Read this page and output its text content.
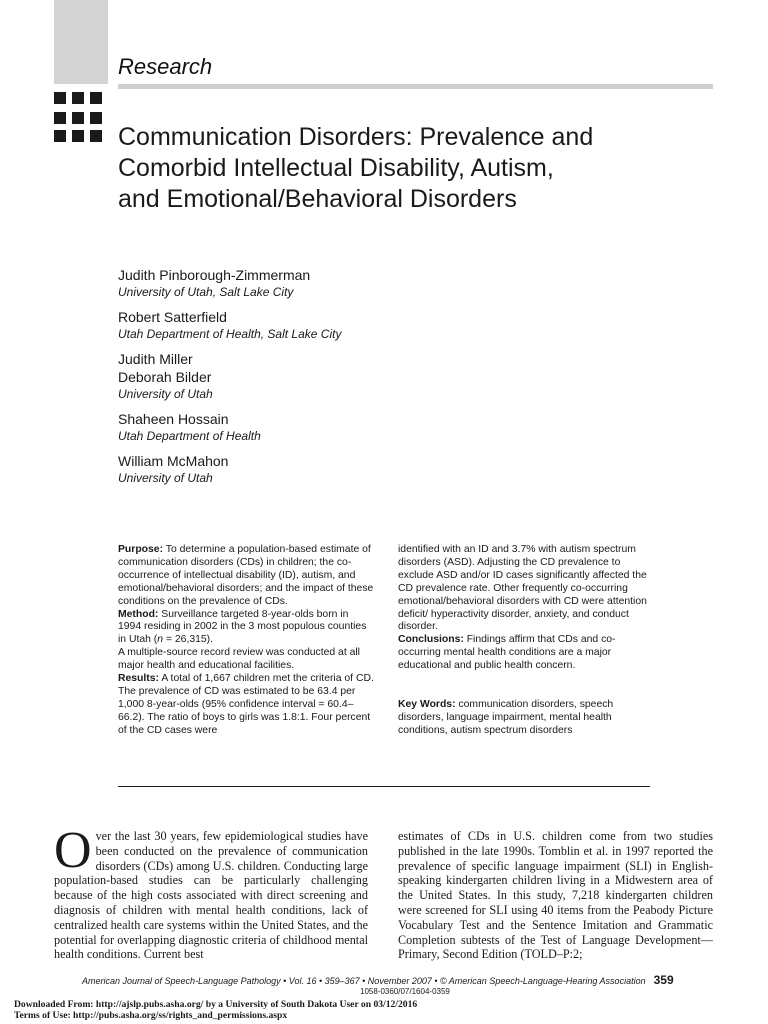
Research
Communication Disorders: Prevalence and
Comorbid Intellectual Disability, Autism,
and Emotional/Behavioral Disorders
Judith Pinborough-Zimmerman
University of Utah, Salt Lake City
Robert Satterfield
Utah Department of Health, Salt Lake City
Judith Miller
Deborah Bilder
University of Utah
Shaheen Hossain
Utah Department of Health
William McMahon
University of Utah

Purpose: To determine a population-based estimate of communication disorders (CDs) in children; the co-occurrence of intellectual disability (ID), autism, and emotional/behavioral disorders; and the impact of these conditions on the prevalence of CDs.

Method: Surveillance targeted 8-year-olds born in 1994 residing in 2002 in the 3 most populous counties in Utah (n = 26,315).

A multiple-source record review was conducted at all major health and educational facilities.

Results: A total of 1,667 children met the criteria of CD. The prevalence of CD was estimated to be 63.4 per 1,000 8-year-olds (95% confidence interval = 60.4–66.2). The ratio of boys to girls was 1.8:1. Four percent of the CD cases were

identified with an ID and 3.7% with autism spectrum disorders (ASD). Adjusting the CD prevalence to exclude ASD and/or ID cases significantly affected the CD prevalence rate. Other frequently co-occurring emotional/behavioral disorders with CD were attention deficit/ hyperactivity disorder, anxiety, and conduct disorder.

Conclusions: Findings affirm that CDs and co-occurring mental health conditions are a major educational and public health concern.

Key Words: communication disorders, speech disorders, language impairment, mental health conditions, autism spectrum disorders

Over the last 30 years, few epidemiological studies have been conducted on the prevalence of communication disorders (CDs) among U.S. children. Conducting large population-based studies can be particularly challenging because of the high costs associated with direct screening and diagnosis of children with mental health conditions, lack of centralized health care systems within the United States, and the potential for overlapping diagnostic criteria of childhood mental health conditions. Current best

estimates of CDs in U.S. children come from two studies published in the late 1990s. Tomblin et al. in 1997 reported the prevalence of specific language impairment (SLI) in English-speaking kindergarten children living in a Midwestern area of the United States. In this study, 7,218 kindergarten children were screened for SLI using 40 items from the Peabody Picture Vocabulary Test and the Sentence Imitation and Grammatic Completion subtests of the Test of Language Development—Primary, Second Edition (TOLD–P:2;

American Journal of Speech-Language Pathology • Vol. 16 • 359–367 • November 2007 • © American Speech-Language-Hearing Association 359
1058-0360/07/1604-0359
Downloaded From: http://ajslp.pubs.asha.org/ by a University of South Dakota User on 03/12/2016
Terms of Use: http://pubs.asha.org/ss/rights_and_permissions.aspx
